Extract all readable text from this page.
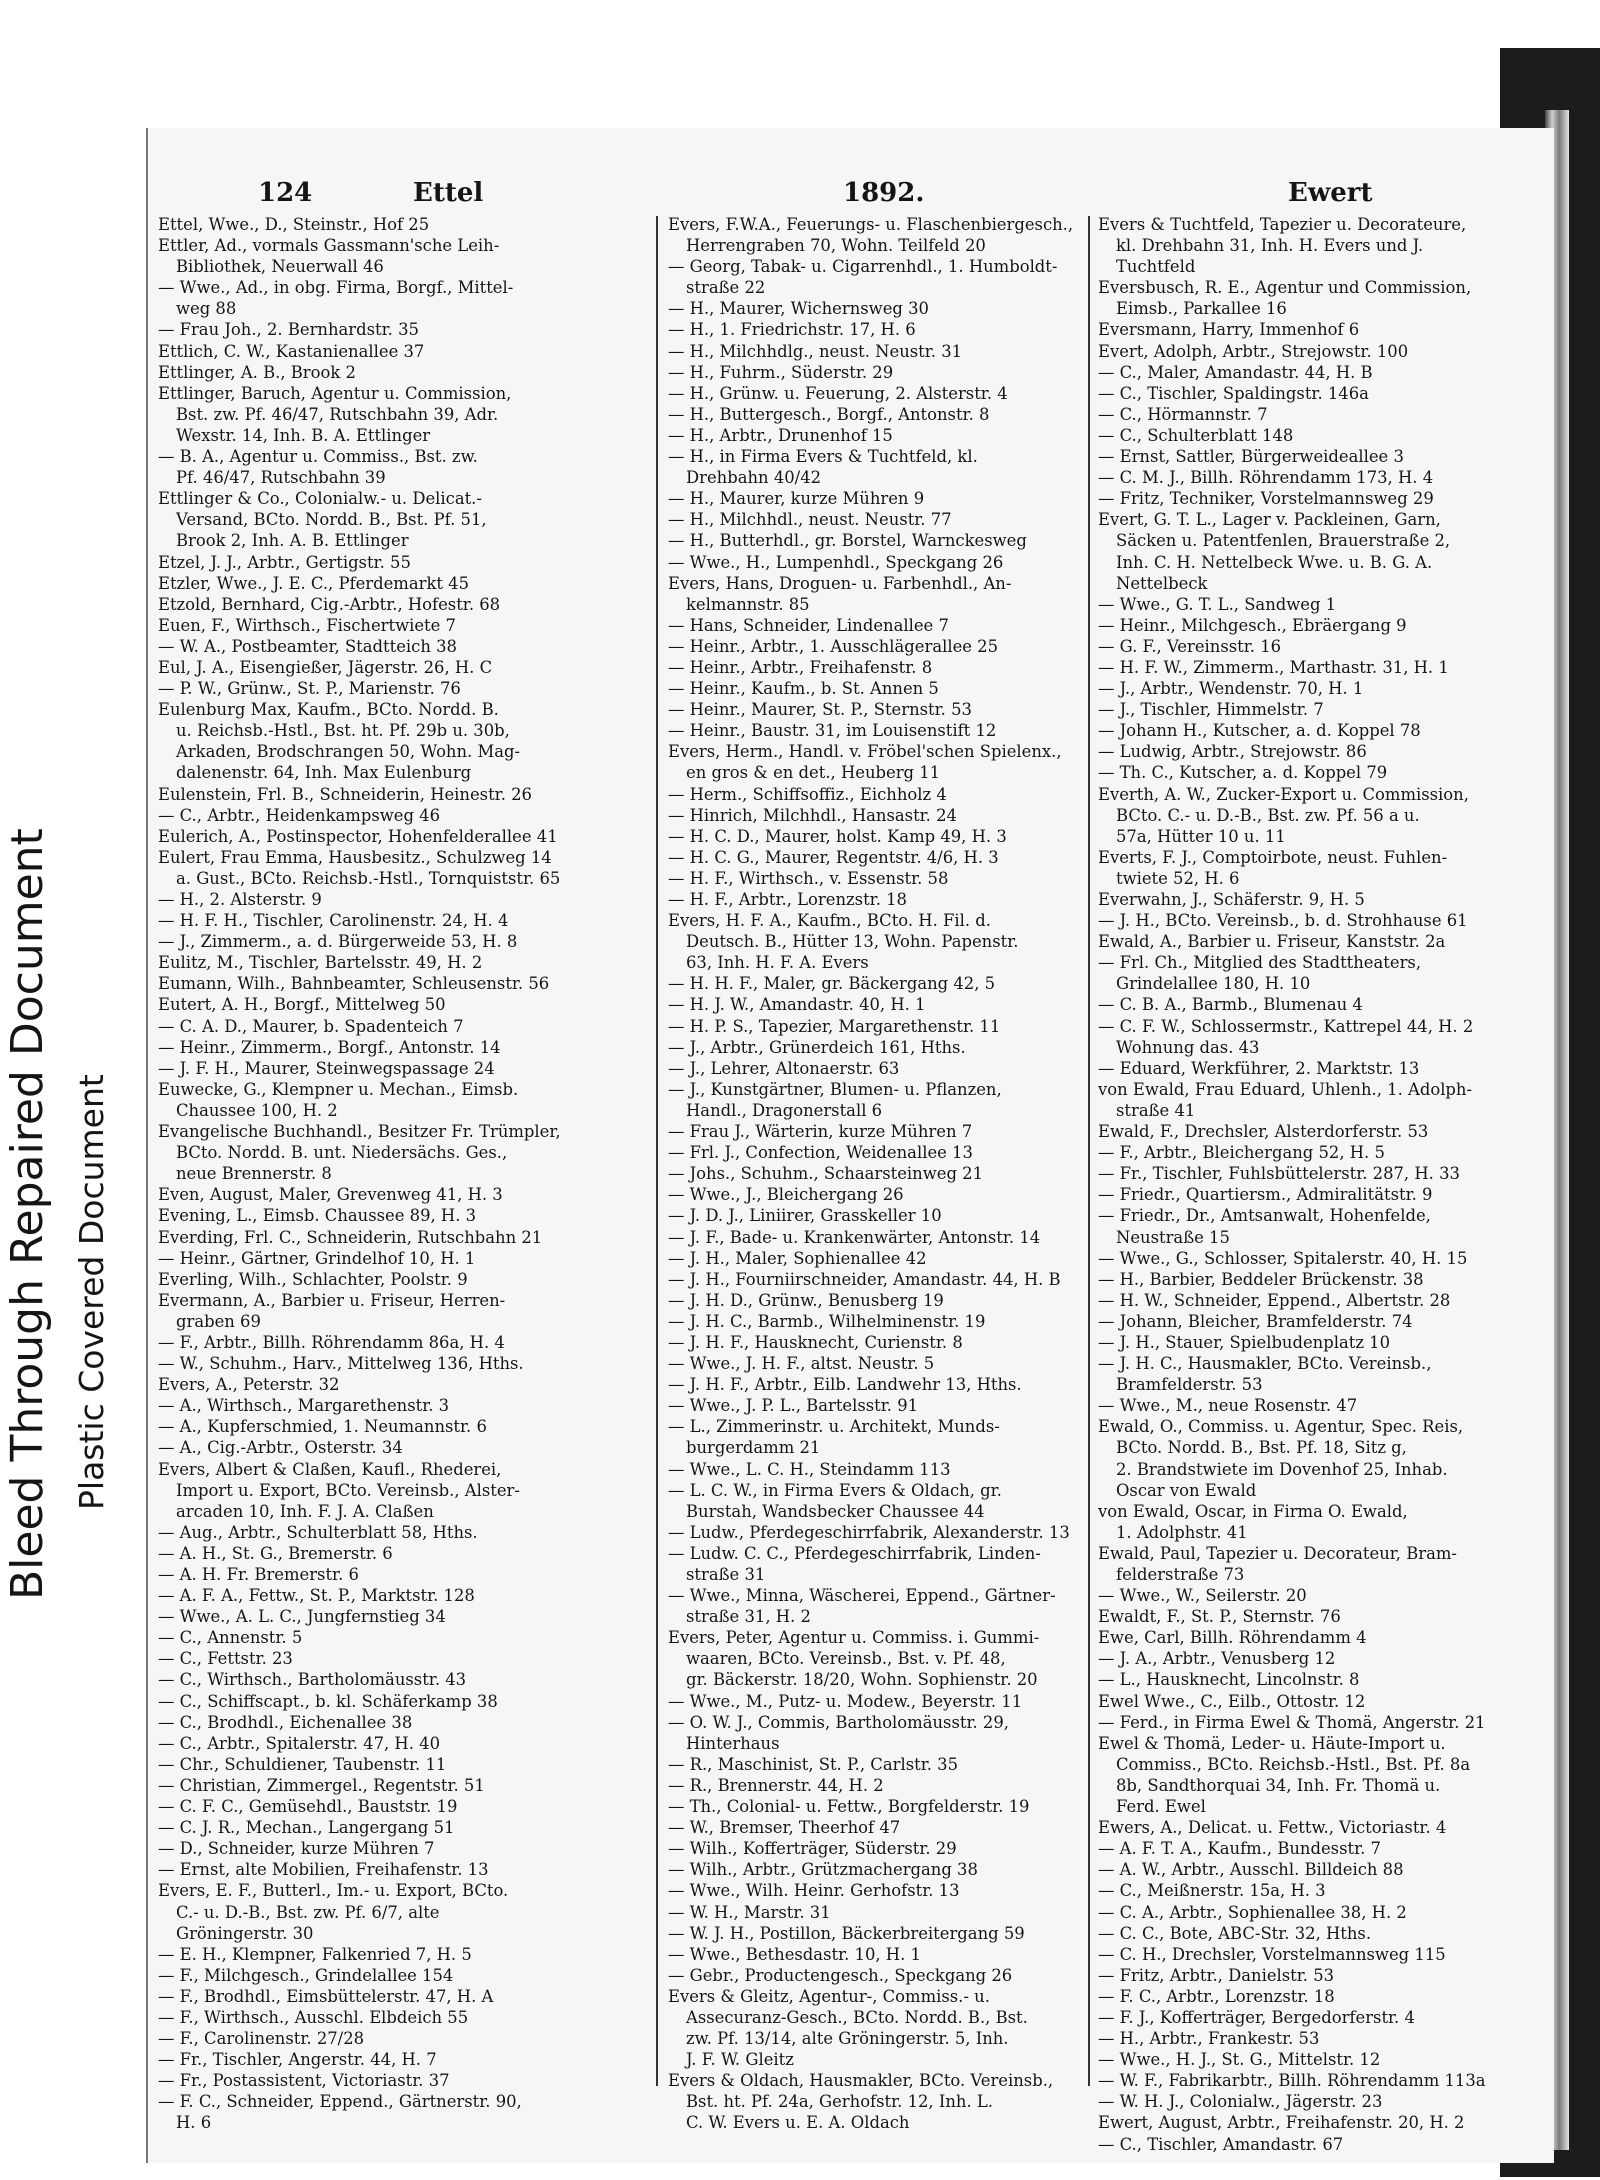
Bleed Through Repaired Document Plastic Covered Document
124	Ettel	1892.	Ewert
Ettel, Wwe., D., Steinstr., Hof 25
Ettler, Ad., vormals Gassmann'sche Leih-
Bibliothek, Neuerwall 46
— Wwe., Ad., in obg. Firma, Borgf., Mittel-
weg 88
— Frau Joh., 2. Bernhardstr. 35
Ettlich, C. W., Kastanienallee 37
Ettlinger, A. B., Brook 2
Ettlinger, Baruch, Agentur u. Commission,
Bst. zw. Pf. 46/47, Rutschbahn 39, Adr.
Wexstr. 14, Inh. B. A. Ettlinger
— B. A., Agentur u. Commiss., Bst. zw.
Pf. 46/47, Rutschbahn 39
Ettlinger & Co., Colonialw.- u. Delicat.-
Versand, BCto. Nordd. B., Bst. Pf. 51,
Brook 2, Inh. A. B. Ettlinger
Etzel, J. J., Arbtr., Gertigstr. 55
Etzler, Wwe., J. E. C., Pferdemarkt 45
Etzold, Bernhard, Cig.-Arbtr., Hofestr. 68
Euen, F., Wirthsch., Fischertwiete 7
— W. A., Postbeamter, Stadtteich 38
Eul, J. A., Eisengießer, Jägerstr. 26, H. C
— P. W., Grünw., St. P., Marienstr. 76
Eulenburg Max, Kaufm., BCto. Nordd. B.
u. Reichsb.-Hstl., Bst. ht. Pf. 29b u. 30b,
Arkaden, Brodschrangen 50, Wohn. Mag-
dalenenstr. 64, Inh. Max Eulenburg
Eulenstein, Frl. B., Schneiderin, Heinestr. 26
— C., Arbtr., Heidenkampsweg 46
Eulerich, A., Postinspector, Hohenfelderallee 41
Eulert, Frau Emma, Hausbesitz., Schulzweg 14
a. Gust., BCto. Reichsb.-Hstl., Tornquiststr. 65
— H., 2. Alsterstr. 9
— H. F. H., Tischler, Carolinenstr. 24, H. 4
— J., Zimmerm., a. d. Bürgerweide 53, H. 8
Eulitz, M., Tischler, Bartelsstr. 49, H. 2
Eumann, Wilh., Bahnbeamter, Schleusenstr. 56
Eutert, A. H., Borgf., Mittelweg 50
— C. A. D., Maurer, b. Spadenteich 7
— Heinr., Zimmerm., Borgf., Antonstr. 14
— J. F. H., Maurer, Steinwegspassage 24
Euwecke, G., Klempner u. Mechan., Eimsb.
Chaussee 100, H. 2
Evangelische Buchhandl., Besitzer Fr. Trümpler,
BCto. Nordd. B. unt. Niedersächs. Ges.,
neue Brennerstr. 8
Even, August, Maler, Grevenweg 41, H. 3
Evening, L., Eimsb. Chaussee 89, H. 3
Everding, Frl. C., Schneiderin, Rutschbahn 21
— Heinr., Gärtner, Grindelhof 10, H. 1
Everling, Wilh., Schlachter, Poolstr. 9
Evermann, A., Barbier u. Friseur, Herren-
graben 69
— F., Arbtr., Billh. Röhrendamm 86a, H. 4
— W., Schuhm., Harv., Mittelweg 136, Hths.
Evers, A., Peterstr. 32
— A., Wirthsch., Margarethenstr. 3
— A., Kupferschmied, 1. Neumannstr. 6
— A., Cig.-Arbtr., Osterstr. 34
Evers, Albert & Claßen, Kaufl., Rhederei,
Import u. Export, BCto. Vereinsb., Alster-
arcaden 10, Inh. F. J. A. Claßen
— Aug., Arbtr., Schulterblatt 58, Hths.
— A. H., St. G., Bremerstr. 6
— A. H. Fr. Bremerstr. 6
— A. F. A., Fettw., St. P., Marktstr. 128
— Wwe., A. L. C., Jungfernstieg 34
— C., Annenstr. 5
— C., Fettstr. 23
— C., Wirthsch., Bartholomäusstr. 43
— C., Schiffscapt., b. kl. Schäferkamp 38
— C., Brodhdl., Eichenallee 38
— C., Arbtr., Spitalerstr. 47, H. 40
— Chr., Schuldiener, Taubenstr. 11
— Christian, Zimmergel., Regentstr. 51
— C. F. C., Gemüsehdl., Bauststr. 19
— C. J. R., Mechan., Langergang 51
— D., Schneider, kurze Mühren 7
— Ernst, alte Mobilien, Freihafenstr. 13
Evers, E. F., Butterl., Im.- u. Export, BCto.
C.- u. D.-B., Bst. zw. Pf. 6/7, alte
Gröningerstr. 30
— E. H., Klempner, Falkenried 7, H. 5
— F., Milchgesch., Grindelallee 154
— F., Brodhdl., Eimsbüttelerstr. 47, H. A
— F., Wirthsch., Ausschl. Elbdeich 55
— F., Carolinenstr. 27/28
— Fr., Tischler, Angerstr. 44, H. 7
— Fr., Postassistent, Victoriastr. 37
— F. C., Schneider, Eppend., Gärtnerstr. 90,
H. 6
Evers, F.W.A., Feuerungs- u. Flaschenbiergesch.,
Herrengraben 70, Wohn. Teilfeld 20
— Georg, Tabak- u. Cigarrenhdl., 1. Humboldt-
straße 22
— H., Maurer, Wichernsweg 30
— H., 1. Friedrichstr. 17, H. 6
— H., Milchhdlg., neust. Neustr. 31
— H., Fuhrm., Süderstr. 29
— H., Grünw. u. Feuerung, 2. Alsterstr. 4
— H., Buttergesch., Borgf., Antonstr. 8
— H., Arbtr., Drunenhof 15
— H., in Firma Evers & Tuchtfeld, kl.
Drehbahn 40/42
— H., Maurer, kurze Mühren 9
— H., Milchhdl., neust. Neustr. 77
— H., Butterhdl., gr. Borstel, Warnckesweg
— Wwe., H., Lumpenhdl., Speckgang 26
Evers, Hans, Droguen- u. Farbenhdl., An-
kelmannstr. 85
— Hans, Schneider, Lindenallee 7
— Heinr., Arbtr., 1. Ausschlägerallee 25
— Heinr., Arbtr., Freihafenstr. 8
— Heinr., Kaufm., b. St. Annen 5
— Heinr., Maurer, St. P., Sternstr. 53
— Heinr., Baustr. 31, im Louisenstift 12
Evers, Herm., Handl. v. Fröbel'schen Spielenx.,
en gros & en det., Heuberg 11
— Herm., Schiffsoffiz., Eichholz 4
— Hinrich, Milchhdl., Hansastr. 24
— H. C. D., Maurer, holst. Kamp 49, H. 3
— H. C. G., Maurer, Regentstr. 4/6, H. 3
— H. F., Wirthsch., v. Essenstr. 58
— H. F., Arbtr., Lorenzstr. 18
Evers, H. F. A., Kaufm., BCto. H. Fil. d.
Deutsch. B., Hütter 13, Wohn. Papenstr.
63, Inh. H. F. A. Evers
— H. H. F., Maler, gr. Bäckergang 42, 5
— H. J. W., Amandastr. 40, H. 1
— H. P. S., Tapezier, Margarethenstr. 11
— J., Arbtr., Grünerdeich 161, Hths.
— J., Lehrer, Altonaerstr. 63
— J., Kunstgärtner, Blumen- u. Pflanzen,
Handl., Dragonerstall 6
— Frau J., Wärterin, kurze Mühren 7
— Frl. J., Confection, Weidenallee 13
— Johs., Schuhm., Schaarsteinweg 21
— Wwe., J., Bleichergang 26
— J. D. J., Liniirer, Grasskeller 10
— J. F., Bade- u. Krankenwärter, Antonstr. 14
— J. H., Maler, Sophienallee 42
— J. H., Fourniirschneider, Amandastr. 44, H. B
— J. H. D., Grünw., Benusberg 19
— J. H. C., Barmb., Wilhelminenstr. 19
— J. H. F., Hausknecht, Curienstr. 8
— Wwe., J. H. F., altst. Neustr. 5
— J. H. F., Arbtr., Eilb. Landwehr 13, Hths.
— Wwe., J. P. L., Bartelsstr. 91
— L., Zimmerinstr. u. Architekt, Munds-
burgerdamm 21
— Wwe., L. C. H., Steindamm 113
— L. C. W., in Firma Evers & Oldach, gr.
Burstah, Wandsbecker Chaussee 44
— Ludw., Pferdegeschirrfabrik, Alexanderstr. 13
— Ludw. C. C., Pferdegeschirrfabrik, Linden-
straße 31
— Wwe., Minna, Wäscherei, Eppend., Gärtner-
straße 31, H. 2
Evers, Peter, Agentur u. Commiss. i. Gummi-
waaren, BCto. Vereinsb., Bst. v. Pf. 48,
gr. Bäckerstr. 18/20, Wohn. Sophienstr. 20
— Wwe., M., Putz- u. Modew., Beyerstr. 11
— O. W. J., Commis, Bartholomäusstr. 29,
Hinterhaus
— R., Maschinist, St. P., Carlstr. 35
— R., Brennerstr. 44, H. 2
— Th., Colonial- u. Fettw., Borgfelderstr. 19
— W., Bremser, Theerhof 47
— Wilh., Kofferträger, Süderstr. 29
— Wilh., Arbtr., Grützmachergang 38
— Wwe., Wilh. Heinr. Gerhofstr. 13
— W. H., Marstr. 31
— W. J. H., Postillon, Bäckerbreitergang 59
— Wwe., Bethesdastr. 10, H. 1
— Gebr., Productengesch., Speckgang 26
Evers & Gleitz, Agentur-, Commiss.- u.
Assecuranz-Gesch., BCto. Nordd. B., Bst.
zw. Pf. 13/14, alte Gröningerstr. 5, Inh.
J. F. W. Gleitz
Evers & Oldach, Hausmakler, BCto. Vereinsb.,
Bst. ht. Pf. 24a, Gerhofstr. 12, Inh. L.
C. W. Evers u. E. A. Oldach
Evers & Tuchtfeld, Tapezier u. Decorateure,
kl. Drehbahn 31, Inh. H. Evers und J.
Tuchtfeld
Eversbusch, R. E., Agentur und Commission,
Eimsb., Parkallee 16
Eversmann, Harry, Immenhof 6
Evert, Adolph, Arbtr., Strejowstr. 100
— C., Maler, Amandastr. 44, H. B
— C., Tischler, Spaldingstr. 146a
— C., Hörmannstr. 7
— C., Schulterblatt 148
— Ernst, Sattler, Bürgerweideallee 3
— C. M. J., Billh. Röhrendamm 173, H. 4
— Fritz, Techniker, Vorstelmannsweg 29
Evert, G. T. L., Lager v. Packleinen, Garn,
Säcken u. Patentfenlen, Brauerstraße 2,
Inh. C. H. Nettelbeck Wwe. u. B. G. A.
Nettelbeck
— Wwe., G. T. L., Sandweg 1
— Heinr., Milchgesch., Ebräergang 9
— G. F., Vereinsstr. 16
— H. F. W., Zimmerm., Marthastr. 31, H. 1
— J., Arbtr., Wendenstr. 70, H. 1
— J., Tischler, Himmelstr. 7
— Johann H., Kutscher, a. d. Koppel 78
— Ludwig, Arbtr., Strejowstr. 86
— Th. C., Kutscher, a. d. Koppel 79
Everth, A. W., Zucker-Export u. Commission,
BCto. C.- u. D.-B., Bst. zw. Pf. 56 a u.
57a, Hütter 10 u. 11
Everts, F. J., Comptoirbote, neust. Fuhlen-
twiete 52, H. 6
Everwahn, J., Schäferstr. 9, H. 5
— J. H., BCto. Vereinsb., b. d. Strohhause 61
Ewald, A., Barbier u. Friseur, Kanststr. 2a
— Frl. Ch., Mitglied des Stadttheaters,
Grindelallee 180, H. 10
— C. B. A., Barmb., Blumenau 4
— C. F. W., Schlossermstr., Kattrepel 44, H. 2
Wohnung das. 43
— Eduard, Werkführer, 2. Marktstr. 13
von Ewald, Frau Eduard, Uhlenh., 1. Adolph-
straße 41
Ewald, F., Drechsler, Alsterdorferstr. 53
— F., Arbtr., Bleichergang 52, H. 5
— Fr., Tischler, Fuhlsbüttelerstr. 287, H. 33
— Friedr., Quartiersm., Admiralitätstr. 9
— Friedr., Dr., Amtsanwalt, Hohenfelde,
Neustraße 15
— Wwe., G., Schlosser, Spitalerstr. 40, H. 15
— H., Barbier, Beddeler Brückenstr. 38
— H. W., Schneider, Eppend., Albertstr. 28
— Johann, Bleicher, Bramfelderstr. 74
— J. H., Stauer, Spielbudenplatz 10
— J. H. C., Hausmakler, BCto. Vereinsb.,
Bramfelderstr. 53
— Wwe., M., neue Rosenstr. 47
Ewald, O., Commiss. u. Agentur, Spec. Reis,
BCto. Nordd. B., Bst. Pf. 18, Sitz g,
2. Brandstwiete im Dovenhof 25, Inhab.
Oscar von Ewald
von Ewald, Oscar, in Firma O. Ewald,
1. Adolphstr. 41
Ewald, Paul, Tapezier u. Decorateur, Bram-
felderstraße 73
— Wwe., W., Seilerstr. 20
Ewaldt, F., St. P., Sternstr. 76
Ewe, Carl, Billh. Röhrendamm 4
— J. A., Arbtr., Venusberg 12
— L., Hausknecht, Lincolnstr. 8
Ewel Wwe., C., Eilb., Ottostr. 12
— Ferd., in Firma Ewel & Thomä, Angerstr. 21
Ewel & Thomä, Leder- u. Häute-Import u.
Commiss., BCto. Reichsb.-Hstl., Bst. Pf. 8a
8b, Sandthorquai 34, Inh. Fr. Thomä u.
Ferd. Ewel
Ewers, A., Delicat. u. Fettw., Victoriastr. 4
— A. F. T. A., Kaufm., Bundesstr. 7
— A. W., Arbtr., Ausschl. Billdeich 88
— C., Meißnerstr. 15a, H. 3
— C. A., Arbtr., Sophienallee 38, H. 2
— C. C., Bote, ABC-Str. 32, Hths.
— C. H., Drechsler, Vorstelmannsweg 115
— Fritz, Arbtr., Danielstr. 53
— F. C., Arbtr., Lorenzstr. 18
— F. J., Kofferträger, Bergedorferstr. 4
— H., Arbtr., Frankestr. 53
— Wwe., H. J., St. G., Mittelstr. 12
— W. F., Fabrikarbtr., Billh. Röhrendamm 113a
— W. H. J., Colonialw., Jägerstr. 23
Ewert, August, Arbtr., Freihafenstr. 20, H. 2
— C., Tischler, Amandastr. 67
